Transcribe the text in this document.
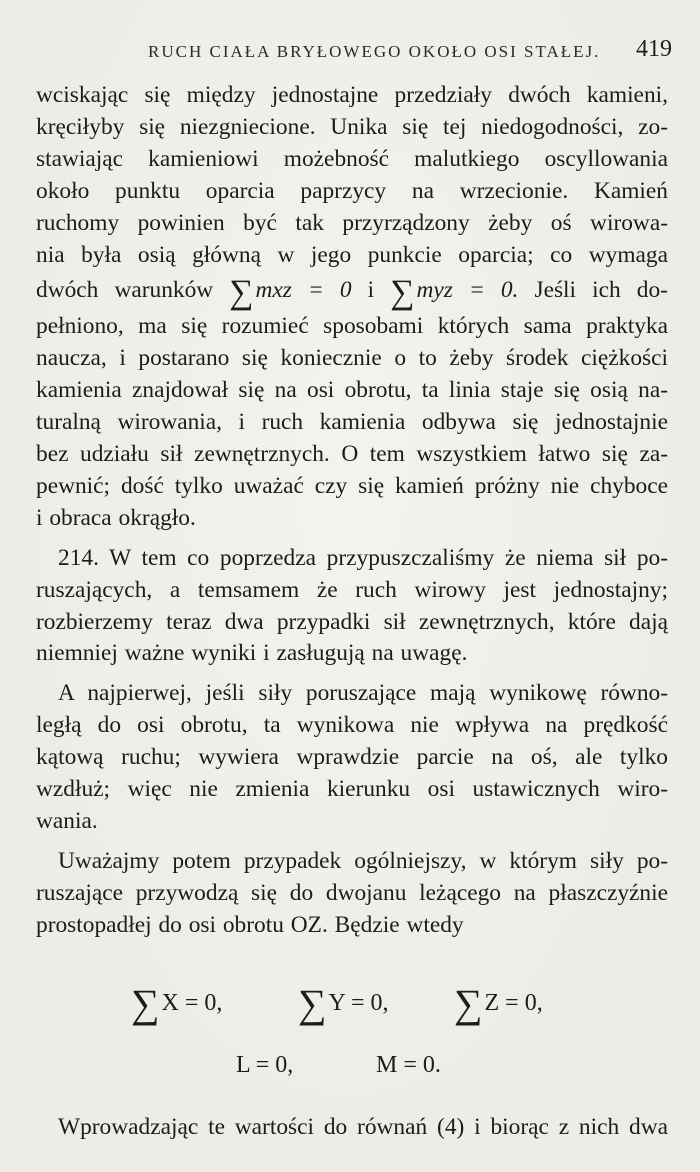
RUCH CIAŁA BRYŁOWEGO OKOŁO OSI STAŁEJ. 419

wciskając się między jednostajne przedziały dwóch kamieni,
kręciłyby się niezgniecione. Unika się tej niedogodności, zo-
stawiając kamieniowi możebność malutkiego oscyllowania
około punktu oparcia paprzycy na wrzecionie. Kamień
ruchomy powinien być tak przyrządzony żeby oś wirowa-
nia była osią główną w jego punkcie oparcia; co wymaga
dwóch warunków ∑mxz = 0 i ∑myz = 0. Jeśli ich do-
pełniono, ma się rozumieć sposobami których sama praktyka
naucza, i postarano się koniecznie o to żeby środek ciężkości
kamienia znajdował się na osi obrotu, ta linia staje się osią na-
turalną wirowania, i ruch kamienia odbywa się jednostajnie
bez udziału sił zewnętrznych. O tem wszystkiem łatwo się za-
pewnić; dość tylko uważać czy się kamień próżny nie chyboce
i obraca okrągło.

214. W tem co poprzedza przypuszczaliśmy że niema sił po-
ruszających, a temsamem że ruch wirowy jest jednostajny;
rozbierzemy teraz dwa przypadki sił zewnętrznych, które dają
niemniej ważne wyniki i zasługują na uwagę.

A najpierwej, jeśli siły poruszające mają wynikowę równo-
ległą do osi obrotu, ta wynikowa nie wpływa na prędkość
kątową ruchu; wywiera wprawdzie parcie na oś, ale tylko
wzdłuż; więc nie zmienia kierunku osi ustawicznych wiro-
wania.

Uważajmy potem przypadek ogólniejszy, w którym siły po-
ruszające przywodzą się do dwojanu leżącego na płaszczyźnie
prostopadłej do osi obrotu OZ. Będzie wtedy

∑X = 0, ∑Y = 0, ∑Z = 0,
L = 0,	M = 0.
Wprowadzając te wartości do równań (4) i biorąc z nich dwa
